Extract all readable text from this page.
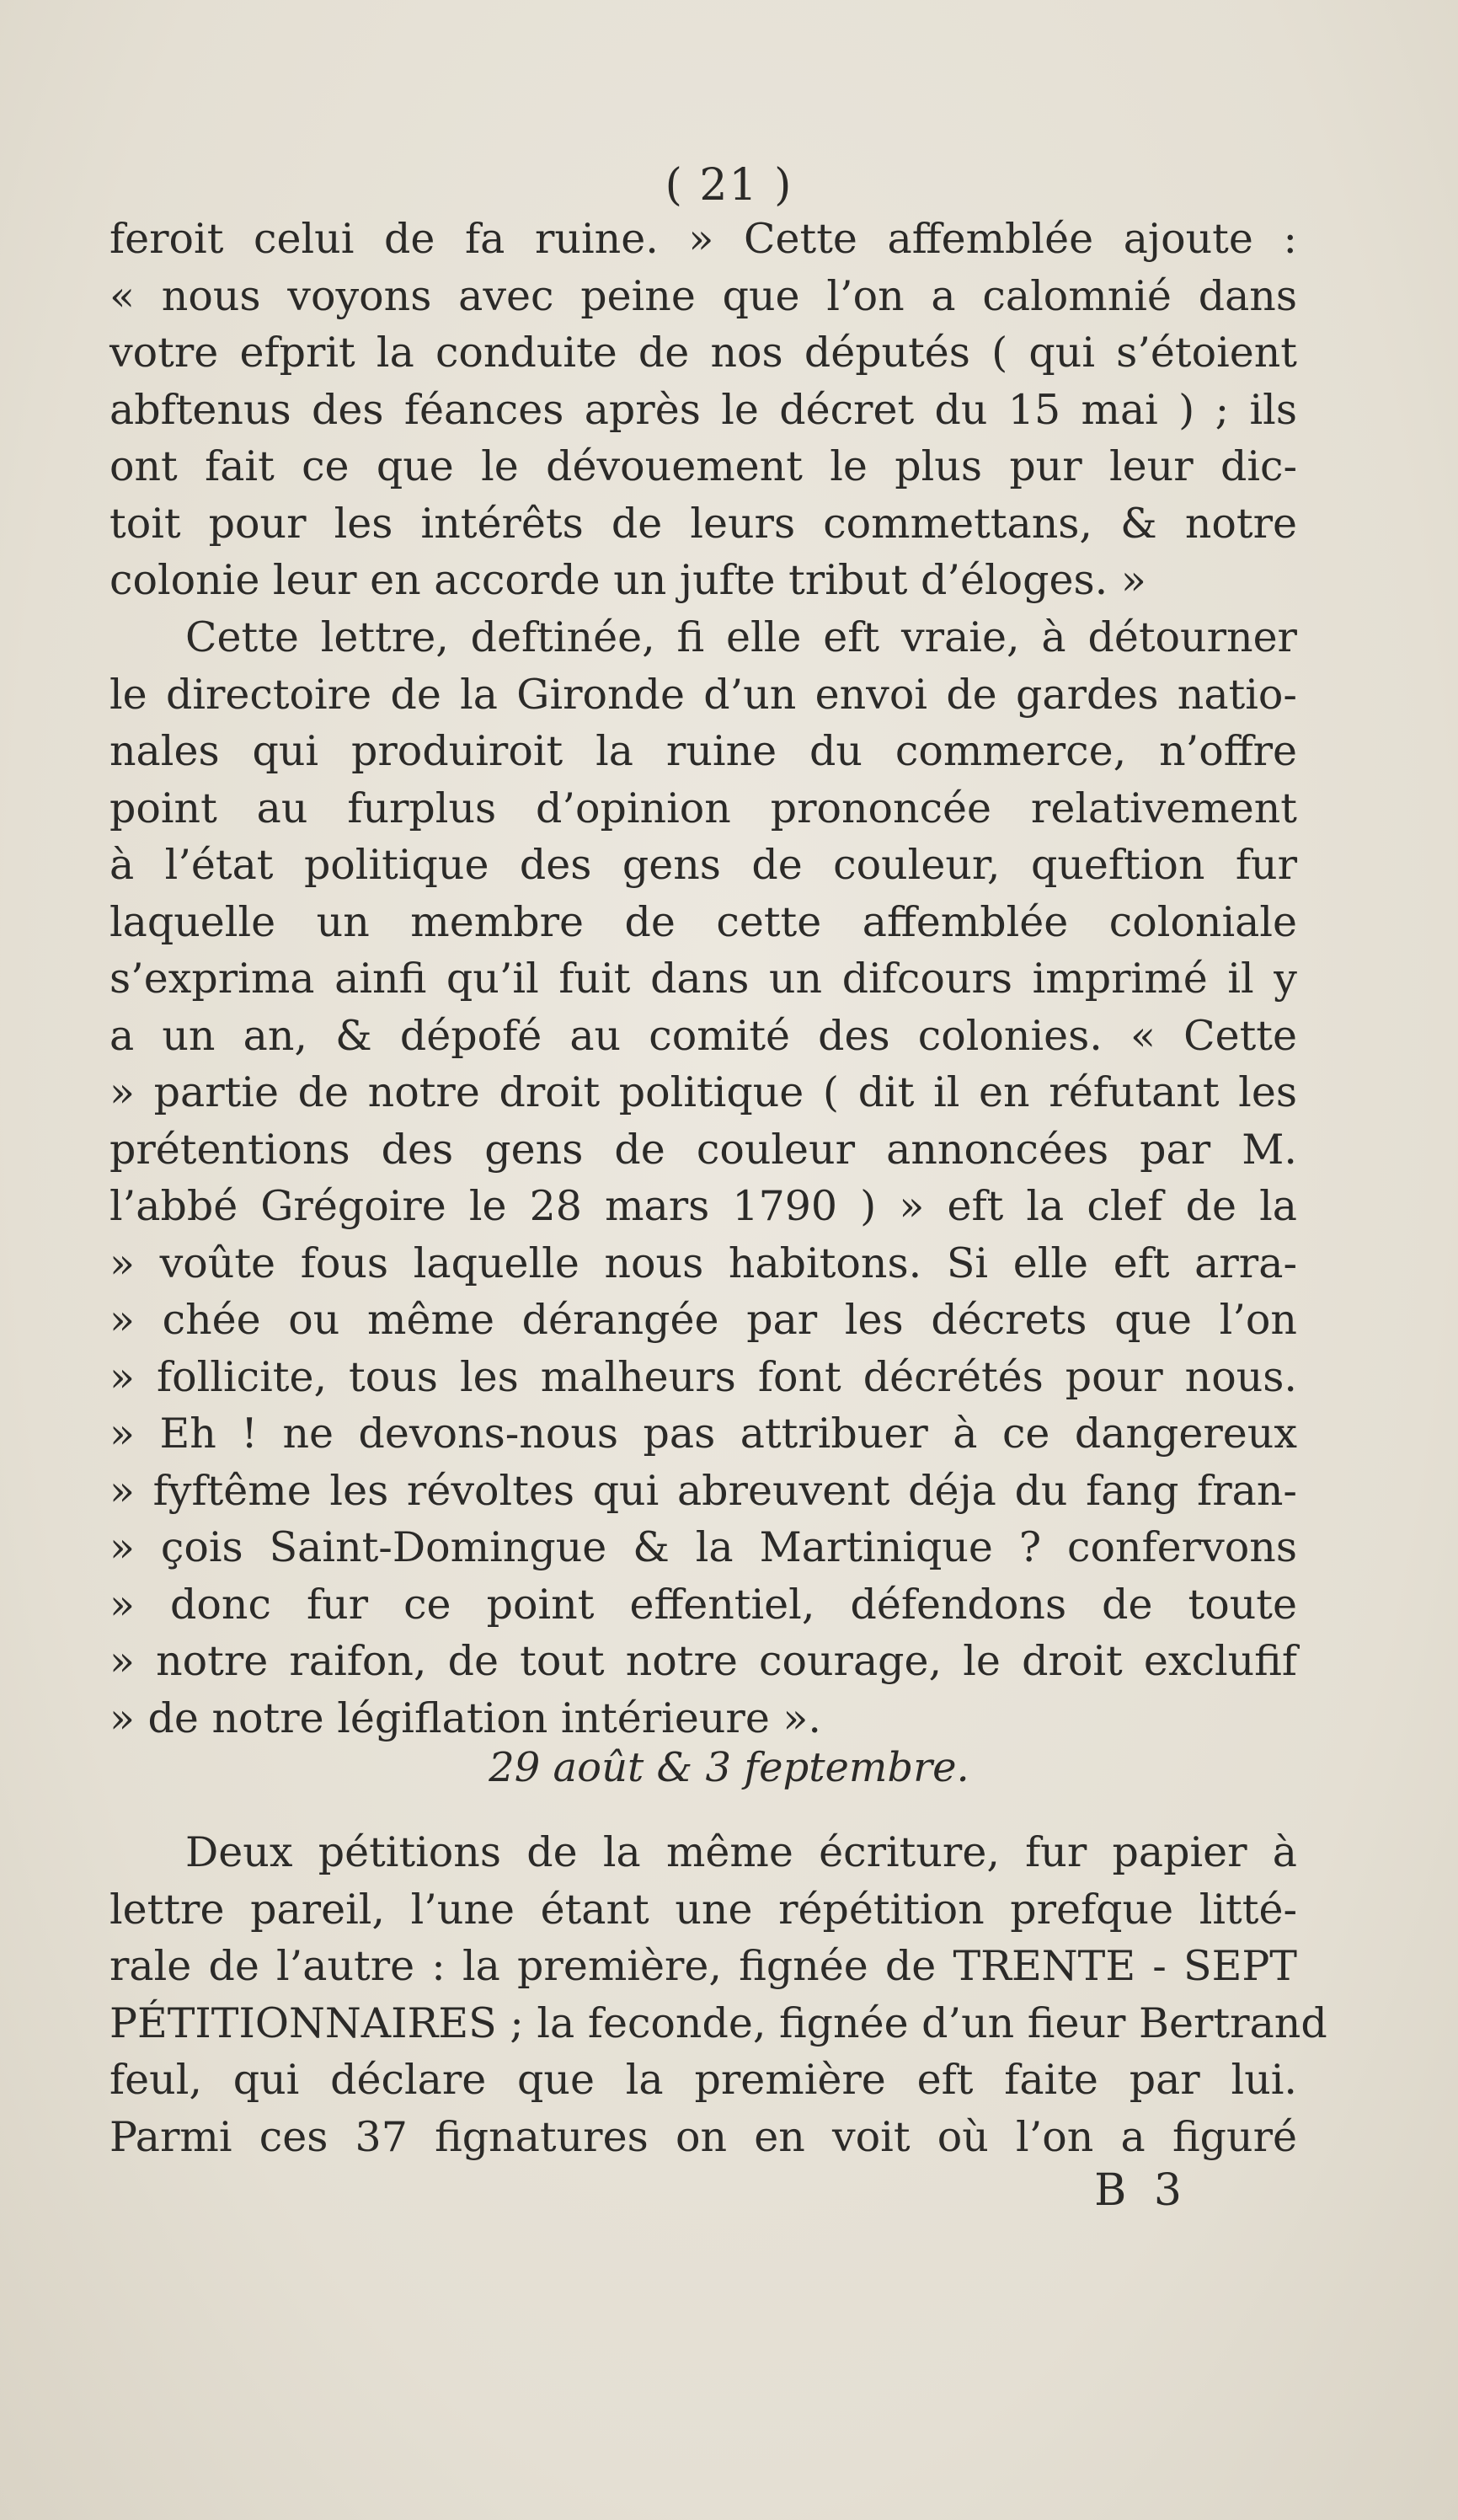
( 21 )
feroit celui de fa ruine. » Cette affemblée ajoute :
« nous voyons avec peine que l’on a calomnié dans
votre efprit la conduite de nos députés ( qui s’étoient
abftenus des féances après le décret du 15 mai ) ; ils
ont fait ce que le dévouement le plus pur leur dic-
toit pour les intérêts de leurs commettans, & notre
colonie leur en accorde un jufte tribut d’éloges. »
Cette lettre, deftinée, fi elle eft vraie, à détourner
le directoire de la Gironde d’un envoi de gardes natio-
nales qui produiroit la ruine du commerce, n’offre
point au furplus d’opinion prononcée relativement
à l’état politique des gens de couleur, queftion fur
laquelle un membre de cette affemblée coloniale
s’exprima ainfi qu’il fuit dans un difcours imprimé il y
a un an, & dépofé au comité des colonies. « Cette
» partie de notre droit politique ( dit il en réfutant les
prétentions des gens de couleur annoncées par M.
l’abbé Grégoire le 28 mars 1790 ) » eft la clef de la
» voûte fous laquelle nous habitons. Si elle eft arra-
» chée ou même dérangée par les décrets que l’on
» follicite, tous les malheurs font décrétés pour nous.
» Eh ! ne devons-nous pas attribuer à ce dangereux
» fyftême les révoltes qui abreuvent déja du fang fran-
» çois Saint-Domingue & la Martinique ? confervons
» donc fur ce point effentiel, défendons de toute
» notre raifon, de tout notre courage, le droit exclufif
» de notre légiflation intérieure ».
29 août & 3 feptembre.
Deux pétitions de la même écriture, fur papier à
lettre pareil, l’une étant une répétition prefque litté-
rale de l’autre : la première, fignée de TRENTE - SEPT
PÉTITIONNAIRES ; la feconde, fignée d’un fieur Bertrand
feul, qui déclare que la première eft faite par lui.
Parmi ces 37 fignatures on en voit où l’on a figuré
B 3
